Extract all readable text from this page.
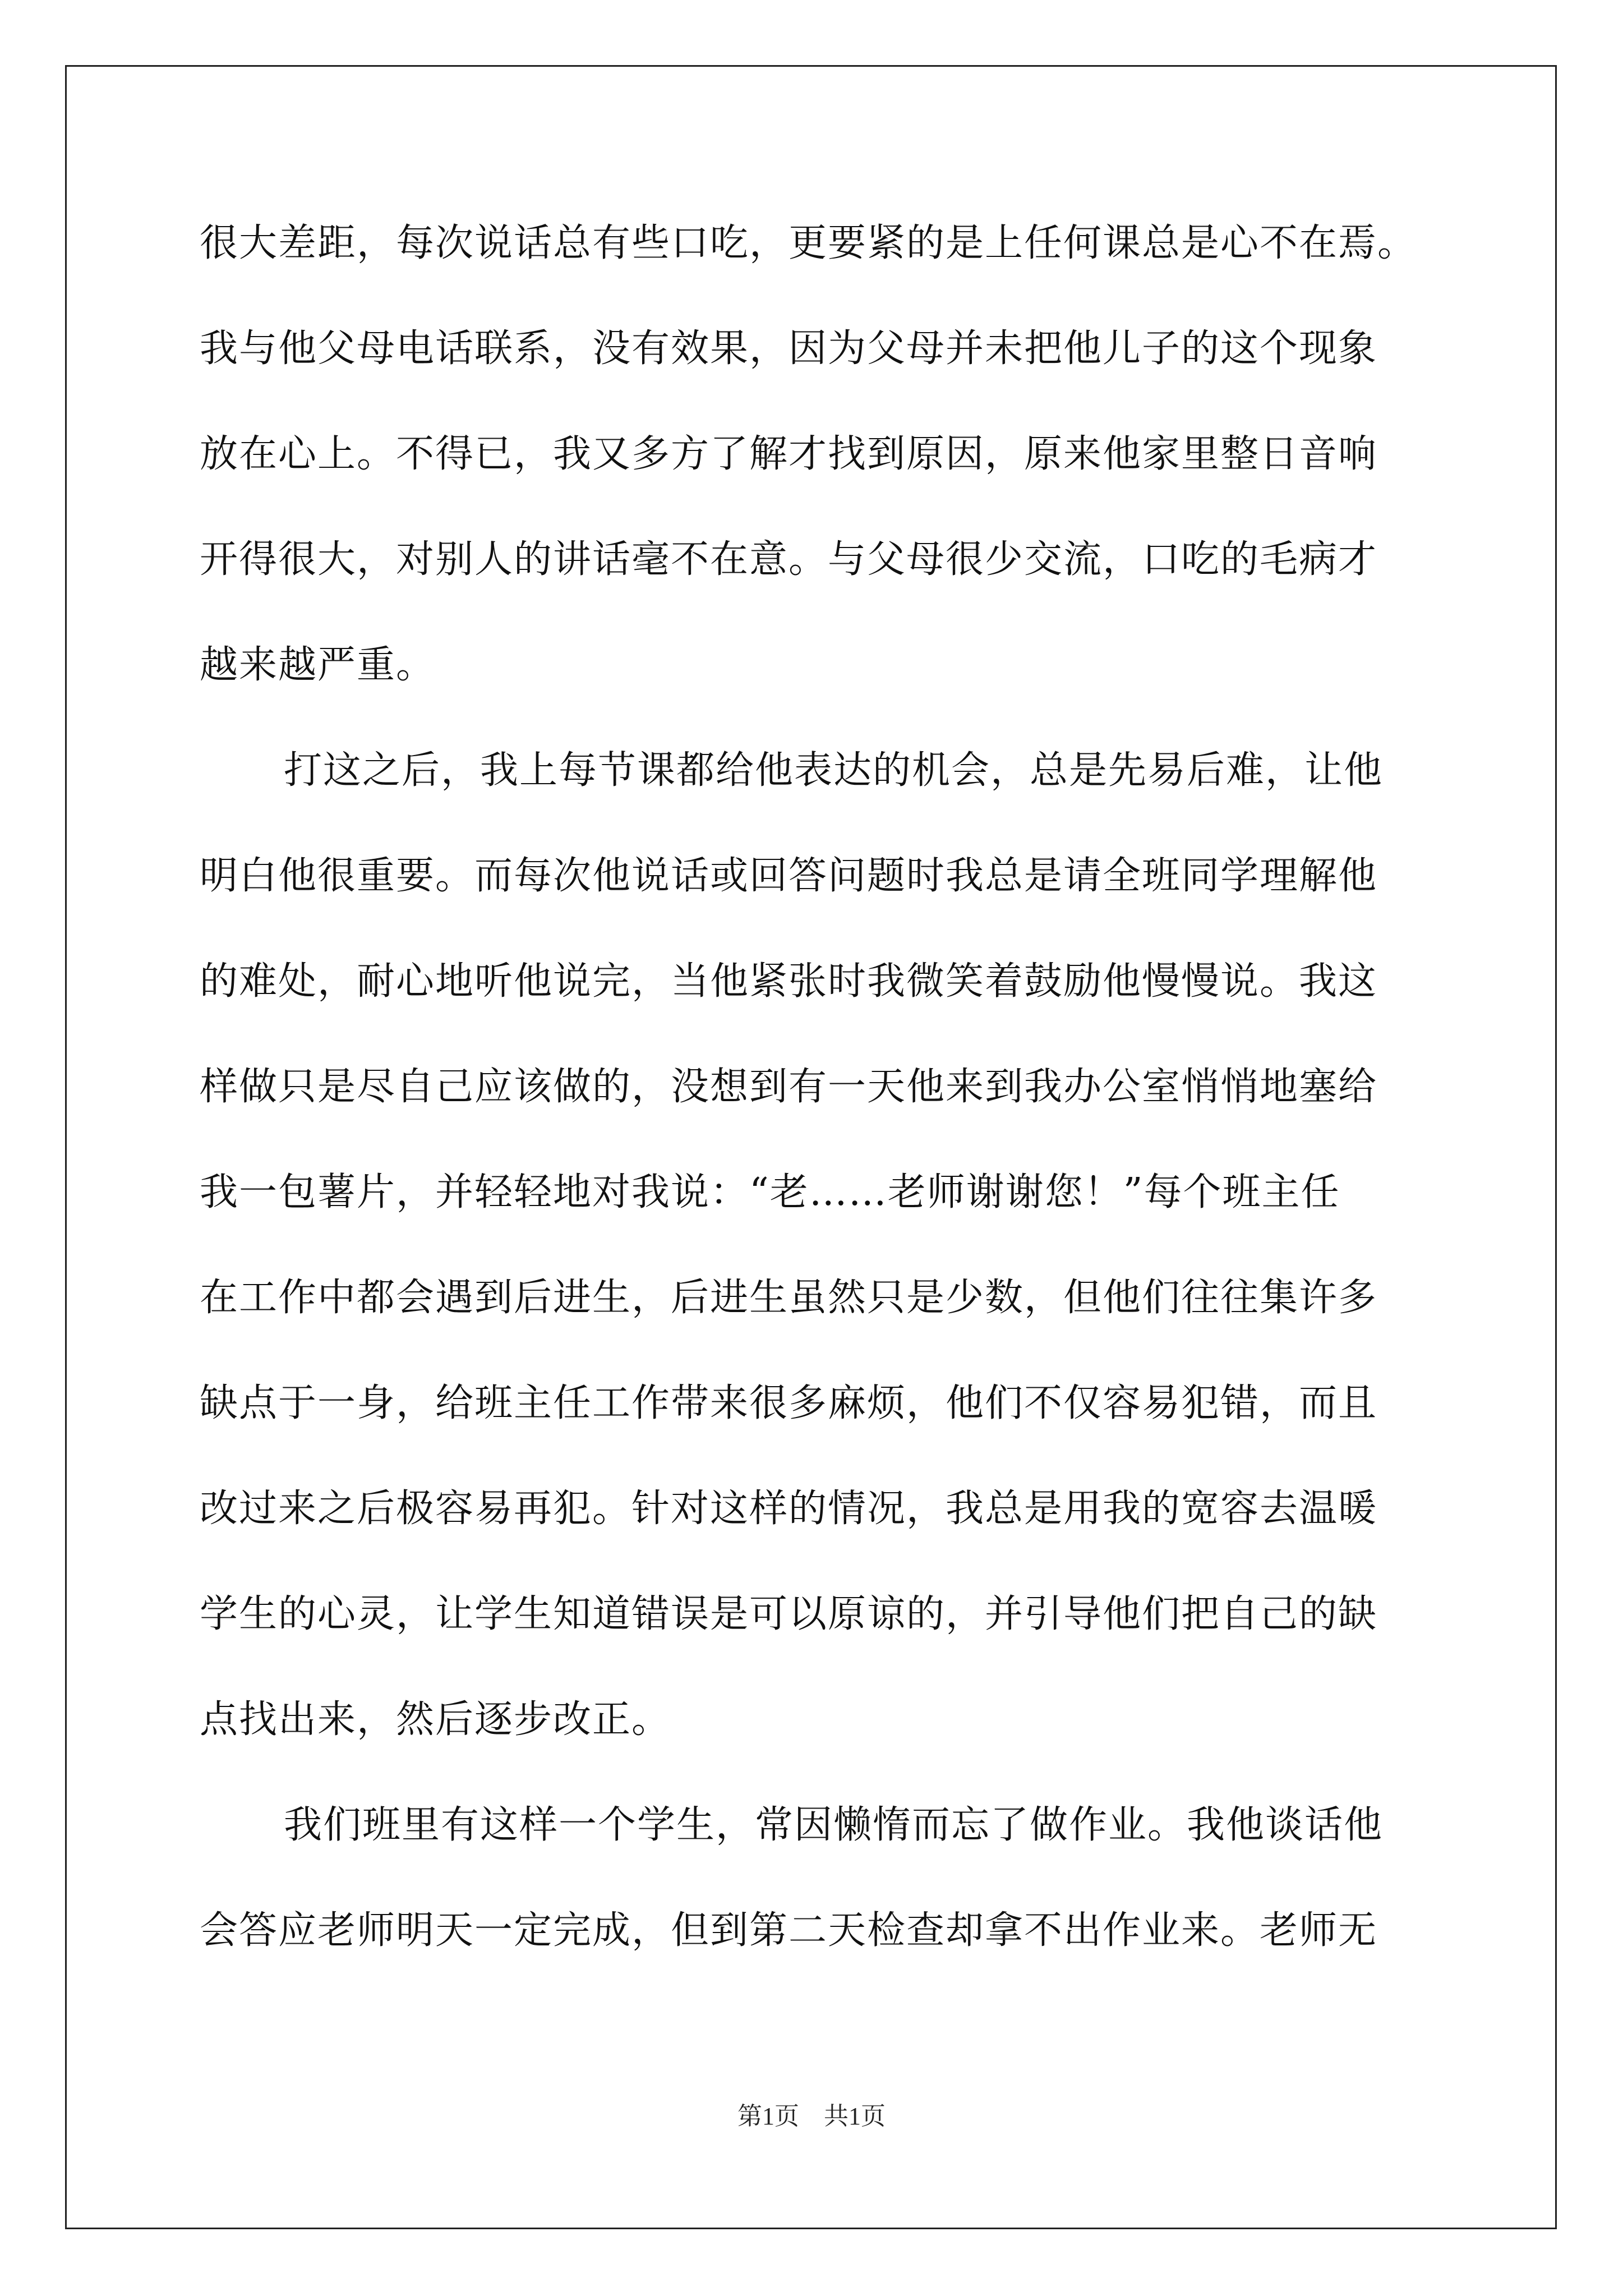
很大差距，每次说话总有些口吃，更要紧的是上任何课总是心不在焉。
我与他父母电话联系，没有效果，因为父母并未把他儿子的这个现象
放在心上。不得已，我又多方了解才找到原因，原来他家里整日音响
开得很大，对别人的讲话毫不在意。与父母很少交流，口吃的毛病才
越来越严重。
打这之后，我上每节课都给他表达的机会，总是先易后难，让他
明白他很重要。而每次他说话或回答问题时我总是请全班同学理解他
的难处，耐心地听他说完，当他紧张时我微笑着鼓励他慢慢说。我这
样做只是尽自己应该做的，没想到有一天他来到我办公室悄悄地塞给
我一包薯片，并轻轻地对我说：“老……老师谢谢您！”每个班主任
在工作中都会遇到后进生，后进生虽然只是少数，但他们往往集许多
缺点于一身，给班主任工作带来很多麻烦，他们不仅容易犯错，而且
改过来之后极容易再犯。针对这样的情况，我总是用我的宽容去温暖
学生的心灵，让学生知道错误是可以原谅的，并引导他们把自己的缺
点找出来，然后逐步改正。
我们班里有这样一个学生，常因懒惰而忘了做作业。我他谈话他
会答应老师明天一定完成，但到第二天检查却拿不出作业来。老师无
第1页　共1页
